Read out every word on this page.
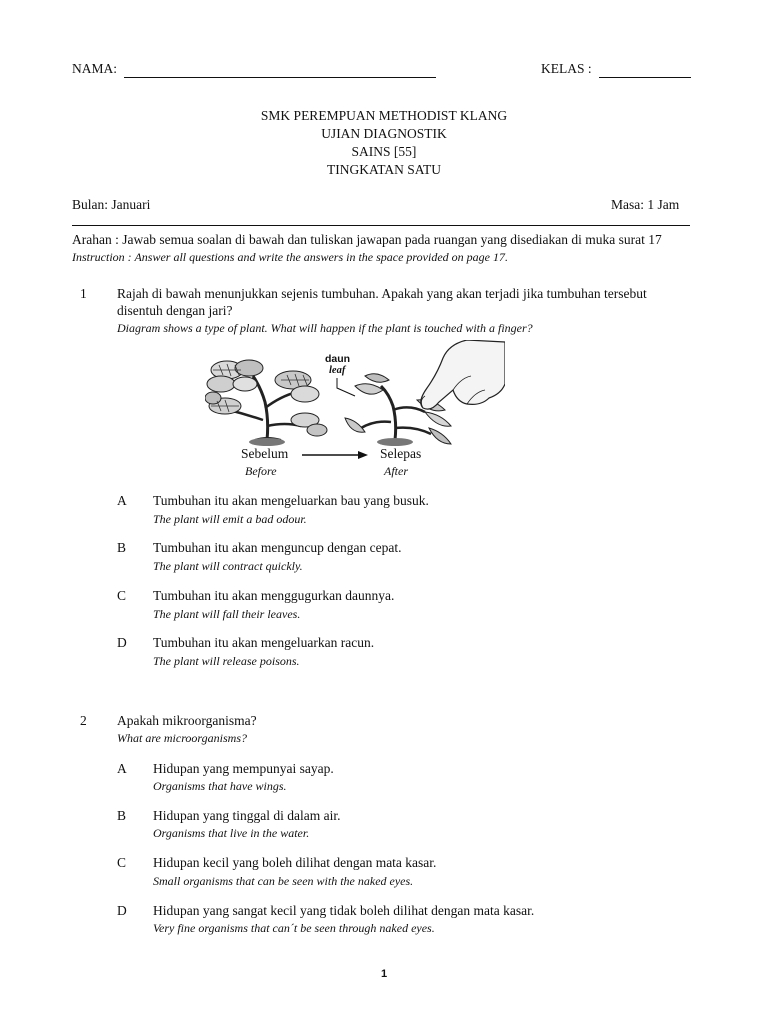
NAMA:	KELAS :
SMK PEREMPUAN METHODIST KLANG
UJIAN DIAGNOSTIK
SAINS [55]
TINGKATAN SATU
Bulan: Januari	Masa: 1 Jam
Arahan : Jawab semua soalan di bawah dan tuliskan jawapan pada ruangan yang disediakan di muka surat 17
Instruction : Answer all questions and write the answers in the space provided on page 17.
1 Rajah di bawah menunjukkan sejenis tumbuhan. Apakah yang akan terjadi jika tumbuhan tersebut
disentuh dengan jari?
Diagram shows a type of plant. What will happen if the plant is touched with a finger?
daun
leaf
Sebelum
Before
Selepas
After
A Tumbuhan itu akan mengeluarkan bau yang busuk.
The plant will emit a bad odour.
B Tumbuhan itu akan menguncup dengan cepat.
The plant will contract quickly.
C Tumbuhan itu akan menggugurkan daunnya.
The plant will fall their leaves.
D Tumbuhan itu akan mengeluarkan racun.
The plant will release poisons.
2 Apakah mikroorganisma?
What are microorganisms?
A Hidupan yang mempunyai sayap.
Organisms that have wings.
B Hidupan yang tinggal di dalam air.
Organisms that live in the water.
C Hidupan kecil yang boleh dilihat dengan mata kasar.
Small organisms that can be seen with the naked eyes.
D Hidupan yang sangat kecil yang tidak boleh dilihat dengan mata kasar.
Very fine organisms that can´t be seen through naked eyes.
1
